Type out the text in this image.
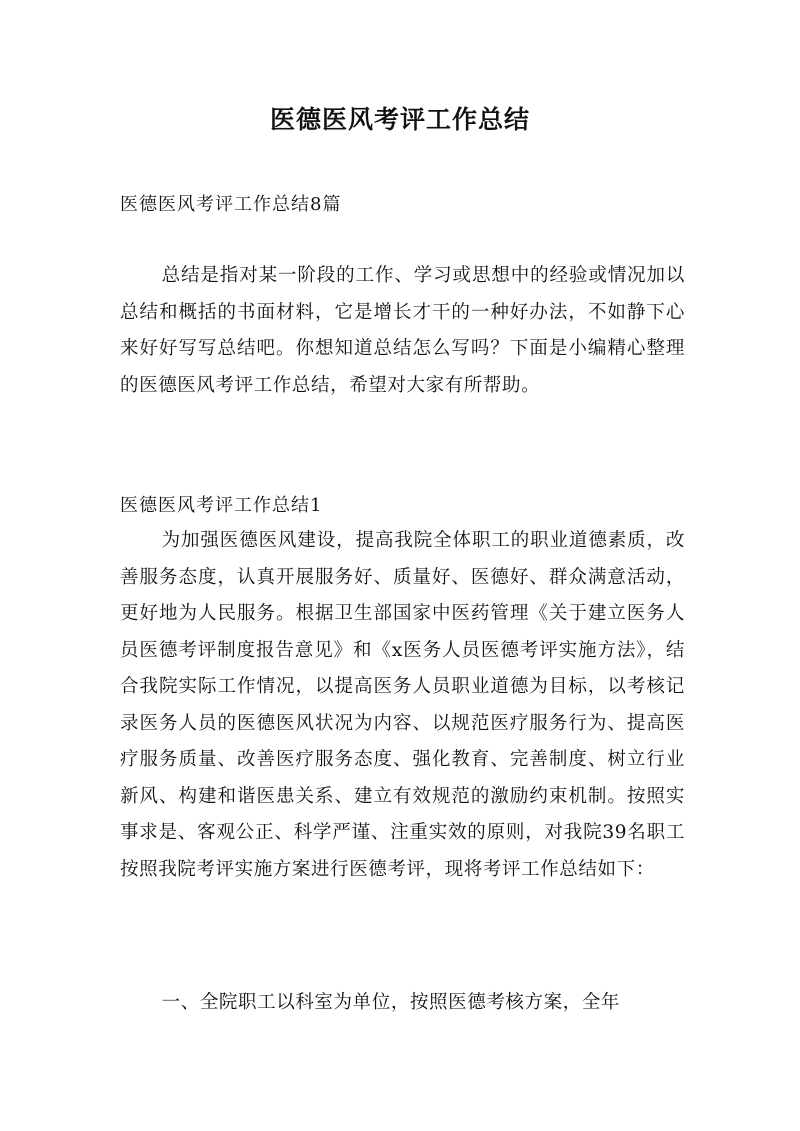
医德医风考评工作总结
医德医风考评工作总结8篇
总结是指对某一阶段的工作、学习或思想中的经验或情况加以总结和概括的书面材料，它是增长才干的一种好办法，不如静下心来好好写写总结吧。你想知道总结怎么写吗？下面是小编精心整理的医德医风考评工作总结，希望对大家有所帮助。
医德医风考评工作总结1
为加强医德医风建设，提高我院全体职工的职业道德素质，改善服务态度，认真开展服务好、质量好、医德好、群众满意活动，更好地为人民服务。根据卫生部国家中医药管理《关于建立医务人员医德考评制度报告意见》和《x医务人员医德考评实施方法》，结合我院实际工作情况，以提高医务人员职业道德为目标，以考核记录医务人员的医德医风状况为内容、以规范医疗服务行为、提高医疗服务质量、改善医疗服务态度、强化教育、完善制度、树立行业新风、构建和谐医患关系、建立有效规范的激励约束机制。按照实事求是、客观公正、科学严谨、注重实效的原则，对我院39名职工按照我院考评实施方案进行医德考评，现将考评工作总结如下：
一、全院职工以科室为单位，按照医德考核方案，全年
